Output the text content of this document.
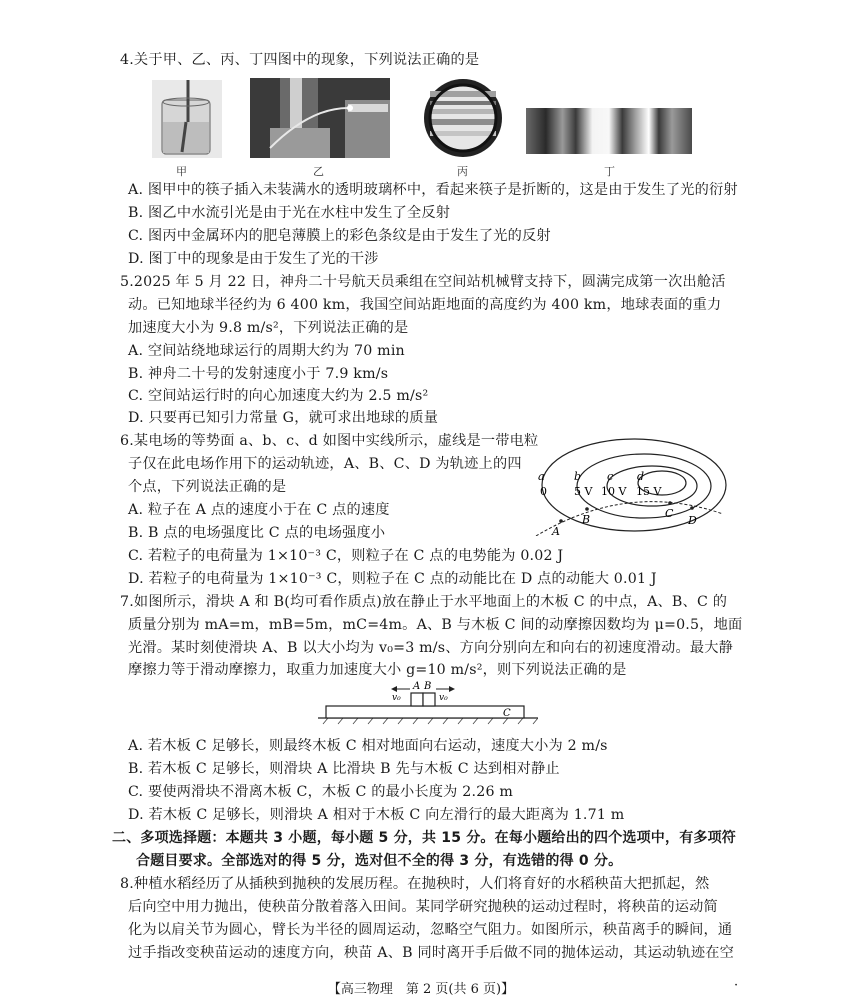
4.关于甲、乙、丙、丁四图中的现象，下列说法正确的是
甲	乙	丙	丁
A. 图甲中的筷子插入未装满水的透明玻璃杯中，看起来筷子是折断的，这是由于发生了光的衍射
B. 图乙中水流引光是由于光在水柱中发生了全反射
C. 图丙中金属环内的肥皂薄膜上的彩色条纹是由于发生了光的反射
D. 图丁中的现象是由于发生了光的干涉
5.2025 年 5 月 22 日，神舟二十号航天员乘组在空间站机械臂支持下，圆满完成第一次出舱活
动。已知地球半径约为 6 400 km，我国空间站距地面的高度约为 400 km，地球表面的重力
加速度大小为 9.8 m/s²，下列说法正确的是
A. 空间站绕地球运行的周期大约为 70 min
B. 神舟二十号的发射速度小于 7.9 km/s
C. 空间站运行时的向心加速度大约为 2.5 m/s²
D. 只要再已知引力常量 G，就可求出地球的质量
6.某电场的等势面 a、b、c、d 如图中实线所示，虚线是一带电粒
子仅在此电场作用下的运动轨迹，A、B、C、D 为轨迹上的四
个点，下列说法正确的是
A. 粒子在 A 点的速度小于在 C 点的速度
B. B 点的电场强度比 C 点的电场强度小
C. 若粒子的电荷量为 1×10⁻³ C，则粒子在 C 点的电势能为 0.02 J
D. 若粒子的电荷量为 1×10⁻³ C，则粒子在 C 点的动能比在 D 点的动能大 0.01 J
a
0
b
5 V
c
10 V
d
15 V
A
B	C
D
7.如图所示，滑块 A 和 B(均可看作质点)放在静止于水平地面上的木板 C 的中点，A、B、C 的
质量分别为 mA=m，mB=5m，mC=4m。A、B 与木板 C 间的动摩擦因数均为 μ=0.5，地面
光滑。某时刻使滑块 A、B 以大小均为 v₀=3 m/s、方向分别向左和向右的初速度滑动。最大静
摩擦力等于滑动摩擦力，取重力加速度大小 g=10 m/s²，则下列说法正确的是
A B
v₀	v₀
C
A. 若木板 C 足够长，则最终木板 C 相对地面向右运动，速度大小为 2 m/s
B. 若木板 C 足够长，则滑块 A 比滑块 B 先与木板 C 达到相对静止
C. 要使两滑块不滑离木板 C，木板 C 的最小长度为 2.26 m
D. 若木板 C 足够长，则滑块 A 相对于木板 C 向左滑行的最大距离为 1.71 m
二、多项选择题：本题共 3 小题，每小题 5 分，共 15 分。在每小题给出的四个选项中，有多项符
合题目要求。全部选对的得 5 分，选对但不全的得 3 分，有选错的得 0 分。
8.种植水稻经历了从插秧到抛秧的发展历程。在抛秧时，人们将育好的水稻秧苗大把抓起，然
后向空中用力抛出，使秧苗分散着落入田间。某同学研究抛秧的运动过程时，将秧苗的运动简
化为以肩关节为圆心，臂长为半径的圆周运动，忽略空气阻力。如图所示，秧苗离手的瞬间，通
过手指改变秧苗运动的速度方向，秧苗 A、B 同时离开手后做不同的抛体运动，其运动轨迹在空
【高三物理　第 2 页(共 6 页)】	·
